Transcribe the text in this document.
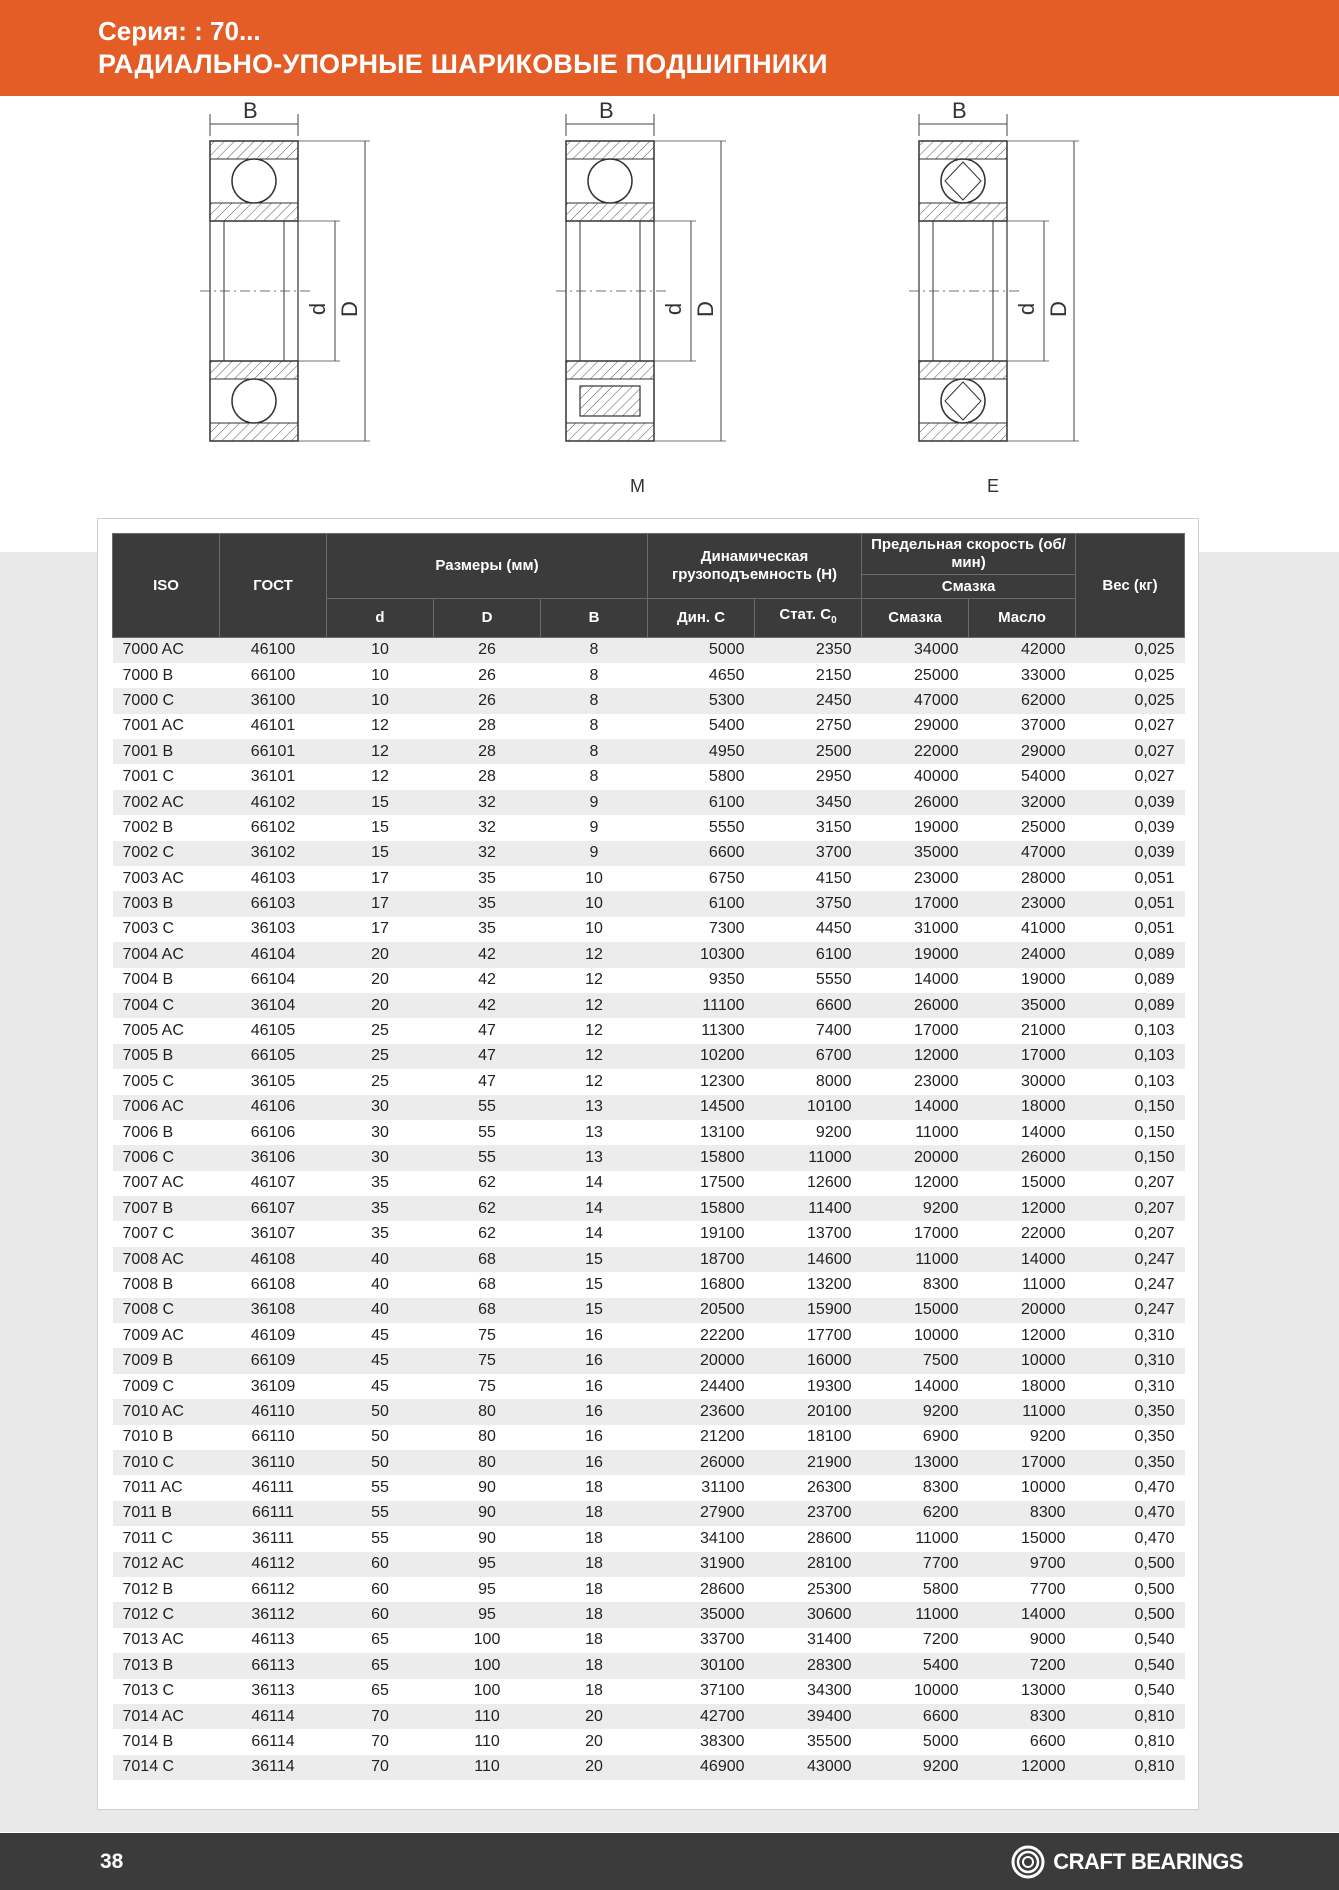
Серия: : 70...
РАДИАЛЬНО-УПОРНЫЕ ШАРИКОВЫЕ ПОДШИПНИКИ
B
d D
B
d D
M
B
d D
E
ISO	ГОСТ	Размеры (мм)			Динамическая грузоподъемность (Н)		Предельная скорость (об/мин)		Вес (кг)
							Смазка		
		d	D	B	Дин. С	Стат. $С_0$	Смазка	Масло	
7000 AC	46100	10	26	8	5000	2350	34000	42000	0,025
7000 B	66100	10	26	8	4650	2150	25000	33000	0,025
7000 C	36100	10	26	8	5300	2450	47000	62000	0,025
7001 AC	46101	12	28	8	5400	2750	29000	37000	0,027
7001 B	66101	12	28	8	4950	2500	22000	29000	0,027
7001 C	36101	12	28	8	5800	2950	40000	54000	0,027
7002 AC	46102	15	32	9	6100	3450	26000	32000	0,039
7002 B	66102	15	32	9	5550	3150	19000	25000	0,039
7002 C	36102	15	32	9	6600	3700	35000	47000	0,039
7003 AC	46103	17	35	10	6750	4150	23000	28000	0,051
7003 B	66103	17	35	10	6100	3750	17000	23000	0,051
7003 C	36103	17	35	10	7300	4450	31000	41000	0,051
7004 AC	46104	20	42	12	10300	6100	19000	24000	0,089
7004 B	66104	20	42	12	9350	5550	14000	19000	0,089
7004 C	36104	20	42	12	11100	6600	26000	35000	0,089
7005 AC	46105	25	47	12	11300	7400	17000	21000	0,103
7005 B	66105	25	47	12	10200	6700	12000	17000	0,103
7005 C	36105	25	47	12	12300	8000	23000	30000	0,103
7006 AC	46106	30	55	13	14500	10100	14000	18000	0,150
7006 B	66106	30	55	13	13100	9200	11000	14000	0,150
7006 C	36106	30	55	13	15800	11000	20000	26000	0,150
7007 AC	46107	35	62	14	17500	12600	12000	15000	0,207
7007 B	66107	35	62	14	15800	11400	9200	12000	0,207
7007 C	36107	35	62	14	19100	13700	17000	22000	0,207
7008 AC	46108	40	68	15	18700	14600	11000	14000	0,247
7008 B	66108	40	68	15	16800	13200	8300	11000	0,247
7008 C	36108	40	68	15	20500	15900	15000	20000	0,247
7009 AC	46109	45	75	16	22200	17700	10000	12000	0,310
7009 B	66109	45	75	16	20000	16000	7500	10000	0,310
7009 C	36109	45	75	16	24400	19300	14000	18000	0,310
7010 AC	46110	50	80	16	23600	20100	9200	11000	0,350
7010 B	66110	50	80	16	21200	18100	6900	9200	0,350
7010 C	36110	50	80	16	26000	21900	13000	17000	0,350
7011 AC	46111	55	90	18	31100	26300	8300	10000	0,470
7011 B	66111	55	90	18	27900	23700	6200	8300	0,470
7011 C	36111	55	90	18	34100	28600	11000	15000	0,470
7012 AC	46112	60	95	18	31900	28100	7700	9700	0,500
7012 B	66112	60	95	18	28600	25300	5800	7700	0,500
7012 C	36112	60	95	18	35000	30600	11000	14000	0,500
7013 AC	46113	65	100	18	33700	31400	7200	9000	0,540
7013 B	66113	65	100	18	30100	28300	5400	7200	0,540
7013 C	36113	65	100	18	37100	34300	10000	13000	0,540
7014 AC	46114	70	110	20	42700	39400	6600	8300	0,810
7014 B	66114	70	110	20	38300	35500	5000	6600	0,810
7014 C	36114	70	110	20	46900	43000	9200	12000	0,810
38	CRAFT BEARINGS
